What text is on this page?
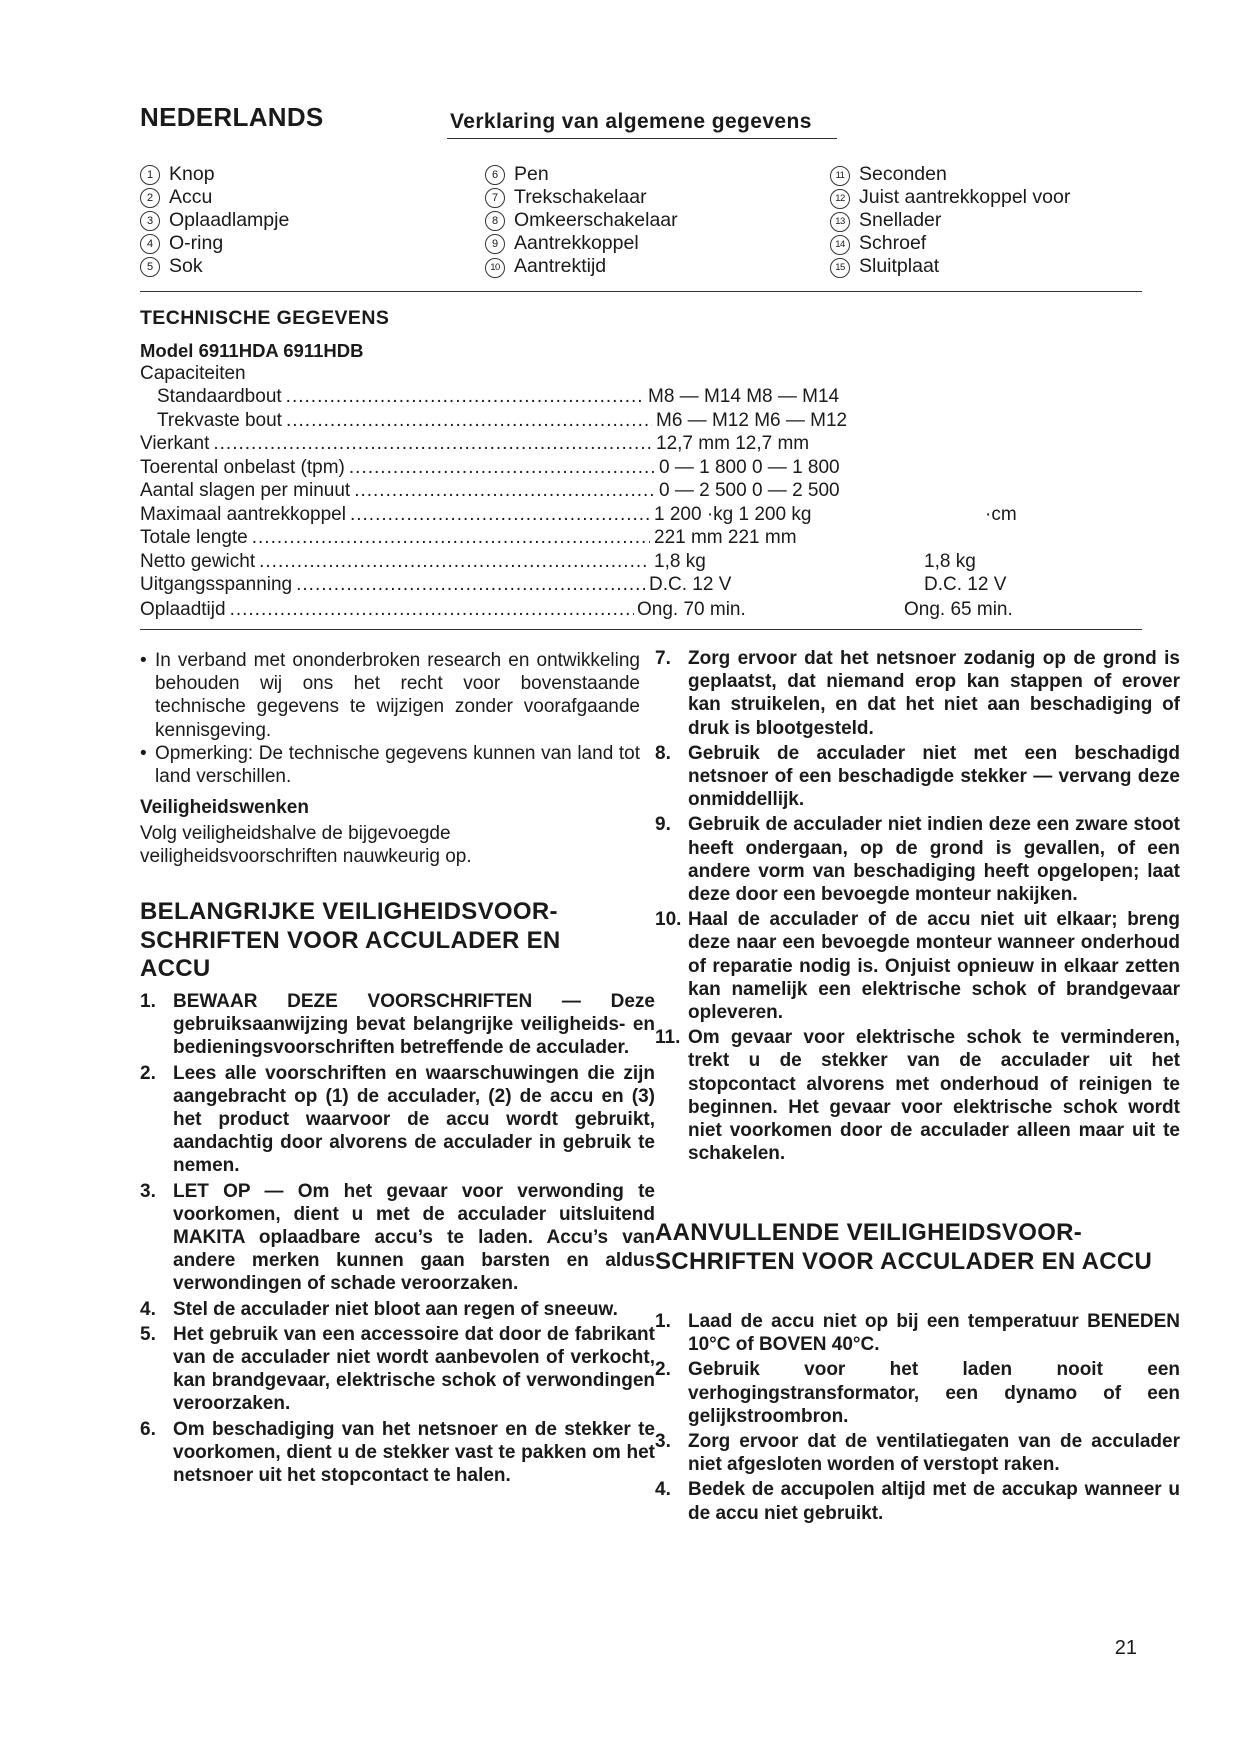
NEDERLANDS	Verklaring van algemene gegevens
1 Knop
2 Accu
3 Oplaadlampje
4 O-ring
5 Sok
6 Pen
7 Trekschakelaar
8 Omkeerschakelaar
9 Aantrekkoppel
10 Aantrektijd
11 Seconden
12 Juist aantrekkoppel voor
13 Snellader
14 Schroef
15 Sluitplaat
TECHNISCHE GEGEVENS
Model 6911HDA 6911HDB
Capaciteiten
Standaardbout .....	M8 — M14 M8 — M14
Trekvaste bout .....	M6 — M12 M6 — M12
Vierkant .....	12,7 mm 12,7 mm
Toerental onbelast (tpm) .....	0 — 1 800 0 — 1 800
Aantal slagen per minuut .....	0 — 2 500 0 — 2 500
Maximaal aantrekkoppel .....	1 200 ·kg 1 200 kg	·cm
Totale lengte .....	221 mm 221 mm
Netto gewicht .....	1,8 kg	1,8 kg
Uitgangsspanning .....	D.C. 12 V	D.C. 12 V
Oplaadtijd .....	Ong. 70 min.	Ong. 65 min.
• In verband met ononderbroken research en ontwikkeling behouden wij ons het recht voor bovenstaande technische gegevens te wijzigen zonder voorafgaande kennisgeving.
• Opmerking: De technische gegevens kunnen van land tot land verschillen.
Veiligheidswenken
Volg veiligheidshalve de bijgevoegde veiligheidsvoorschriften nauwkeurig op.
BELANGRIJKE VEILIGHEIDSVOOR-SCHRIFTEN VOOR ACCULADER EN ACCU
1. BEWAAR DEZE VOORSCHRIFTEN — Deze gebruiksaanwijzing bevat belangrijke veiligheids- en bedieningsvoorschriften betreffende de acculader.
2. Lees alle voorschriften en waarschuwingen die zijn aangebracht op (1) de acculader, (2) de accu en (3) het product waarvoor de accu wordt gebruikt, aandachtig door alvorens de acculader in gebruik te nemen.
3. LET OP — Om het gevaar voor verwonding te voorkomen, dient u met de acculader uitsluitend MAKITA oplaadbare accu’s te laden. Accu’s van andere merken kunnen gaan barsten en aldus verwondingen of schade veroorzaken.
4. Stel de acculader niet bloot aan regen of sneeuw.
5. Het gebruik van een accessoire dat door de fabrikant van de acculader niet wordt aanbevolen of verkocht, kan brandgevaar, elektrische schok of verwondingen veroorzaken.
6. Om beschadiging van het netsnoer en de stekker te voorkomen, dient u de stekker vast te pakken om het netsnoer uit het stopcontact te halen.
7. Zorg ervoor dat het netsnoer zodanig op de grond is geplaatst, dat niemand erop kan stappen of erover kan struikelen, en dat het niet aan beschadiging of druk is blootgesteld.
8. Gebruik de acculader niet met een beschadigd netsnoer of een beschadigde stekker — vervang deze onmiddellijk.
9. Gebruik de acculader niet indien deze een zware stoot heeft ondergaan, op de grond is gevallen, of een andere vorm van beschadiging heeft opgelopen; laat deze door een bevoegde monteur nakijken.
10. Haal de acculader of de accu niet uit elkaar; breng deze naar een bevoegde monteur wanneer onderhoud of reparatie nodig is. Onjuist opnieuw in elkaar zetten kan namelijk een elektrische schok of brandgevaar opleveren.
11. Om gevaar voor elektrische schok te verminderen, trekt u de stekker van de acculader uit het stopcontact alvorens met onderhoud of reinigen te beginnen. Het gevaar voor elektrische schok wordt niet voorkomen door de acculader alleen maar uit te schakelen.
AANVULLENDE VEILIGHEIDSVOOR-SCHRIFTEN VOOR ACCULADER EN ACCU
1. Laad de accu niet op bij een temperatuur BENEDEN 10°C of BOVEN 40°C.
2. Gebruik voor het laden nooit een verhogingstransformator, een dynamo of een gelijkstroombron.
3. Zorg ervoor dat de ventilatiegaten van de acculader niet afgesloten worden of verstopt raken.
4. Bedek de accupolen altijd met de accukap wanneer u de accu niet gebruikt.
21
